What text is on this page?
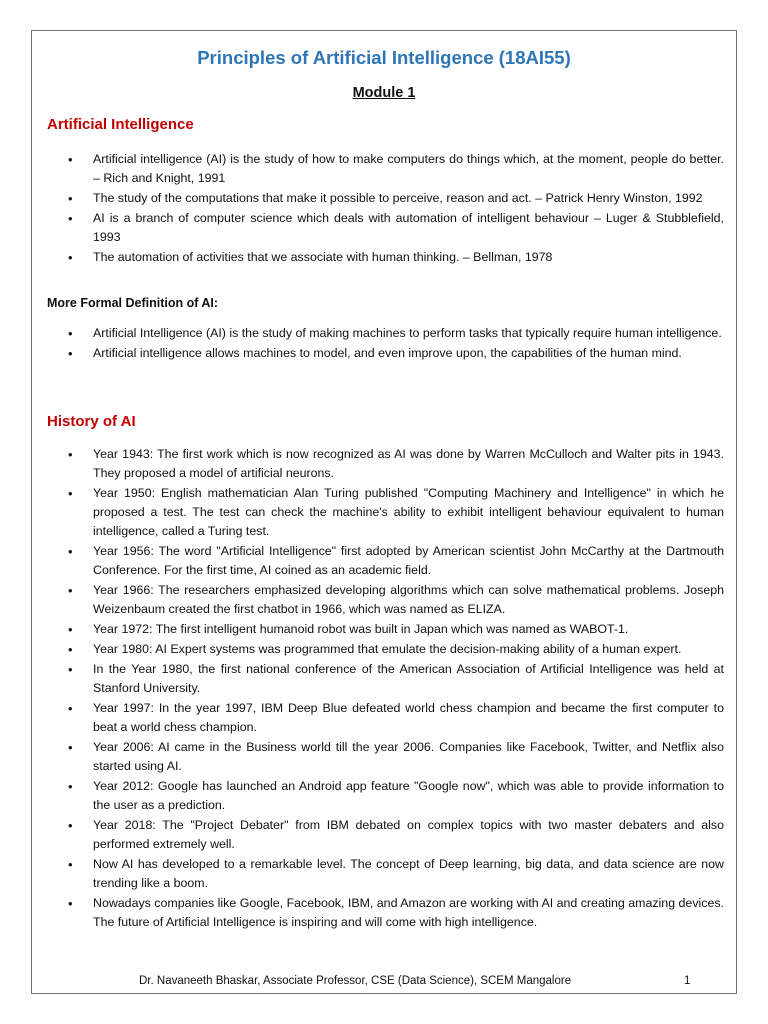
Principles of Artificial Intelligence (18AI55)
Module 1
Artificial Intelligence
• Artificial intelligence (AI) is the study of how to make computers do things which, at the moment, people do better. – Rich and Knight, 1991
• The study of the computations that make it possible to perceive, reason and act. – Patrick Henry Winston, 1992
• AI is a branch of computer science which deals with automation of intelligent behaviour – Luger & Stubblefield, 1993
• The automation of activities that we associate with human thinking. – Bellman, 1978
More Formal Definition of AI:
• Artificial Intelligence (AI) is the study of making machines to perform tasks that typically require human intelligence.
• Artificial intelligence allows machines to model, and even improve upon, the capabilities of the human mind.
History of AI
• Year 1943: The first work which is now recognized as AI was done by Warren McCulloch and Walter pits in 1943. They proposed a model of artificial neurons.
• Year 1950: English mathematician Alan Turing published "Computing Machinery and Intelligence" in which he proposed a test. The test can check the machine's ability to exhibit intelligent behaviour equivalent to human intelligence, called a Turing test.
• Year 1956: The word "Artificial Intelligence" first adopted by American scientist John McCarthy at the Dartmouth Conference. For the first time, AI coined as an academic field.
• Year 1966: The researchers emphasized developing algorithms which can solve mathematical problems. Joseph Weizenbaum created the first chatbot in 1966, which was named as ELIZA.
• Year 1972: The first intelligent humanoid robot was built in Japan which was named as WABOT-1.
• Year 1980: AI Expert systems was programmed that emulate the decision-making ability of a human expert.
• In the Year 1980, the first national conference of the American Association of Artificial Intelligence was held at Stanford University.
• Year 1997: In the year 1997, IBM Deep Blue defeated world chess champion and became the first computer to beat a world chess champion.
• Year 2006: AI came in the Business world till the year 2006. Companies like Facebook, Twitter, and Netflix also started using AI.
• Year 2012: Google has launched an Android app feature "Google now", which was able to provide information to the user as a prediction.
• Year 2018: The "Project Debater" from IBM debated on complex topics with two master debaters and also performed extremely well.
• Now AI has developed to a remarkable level. The concept of Deep learning, big data, and data science are now trending like a boom.
• Nowadays companies like Google, Facebook, IBM, and Amazon are working with AI and creating amazing devices. The future of Artificial Intelligence is inspiring and will come with high intelligence.
Dr. Navaneeth Bhaskar, Associate Professor, CSE (Data Science), SCEM Mangalore	1
